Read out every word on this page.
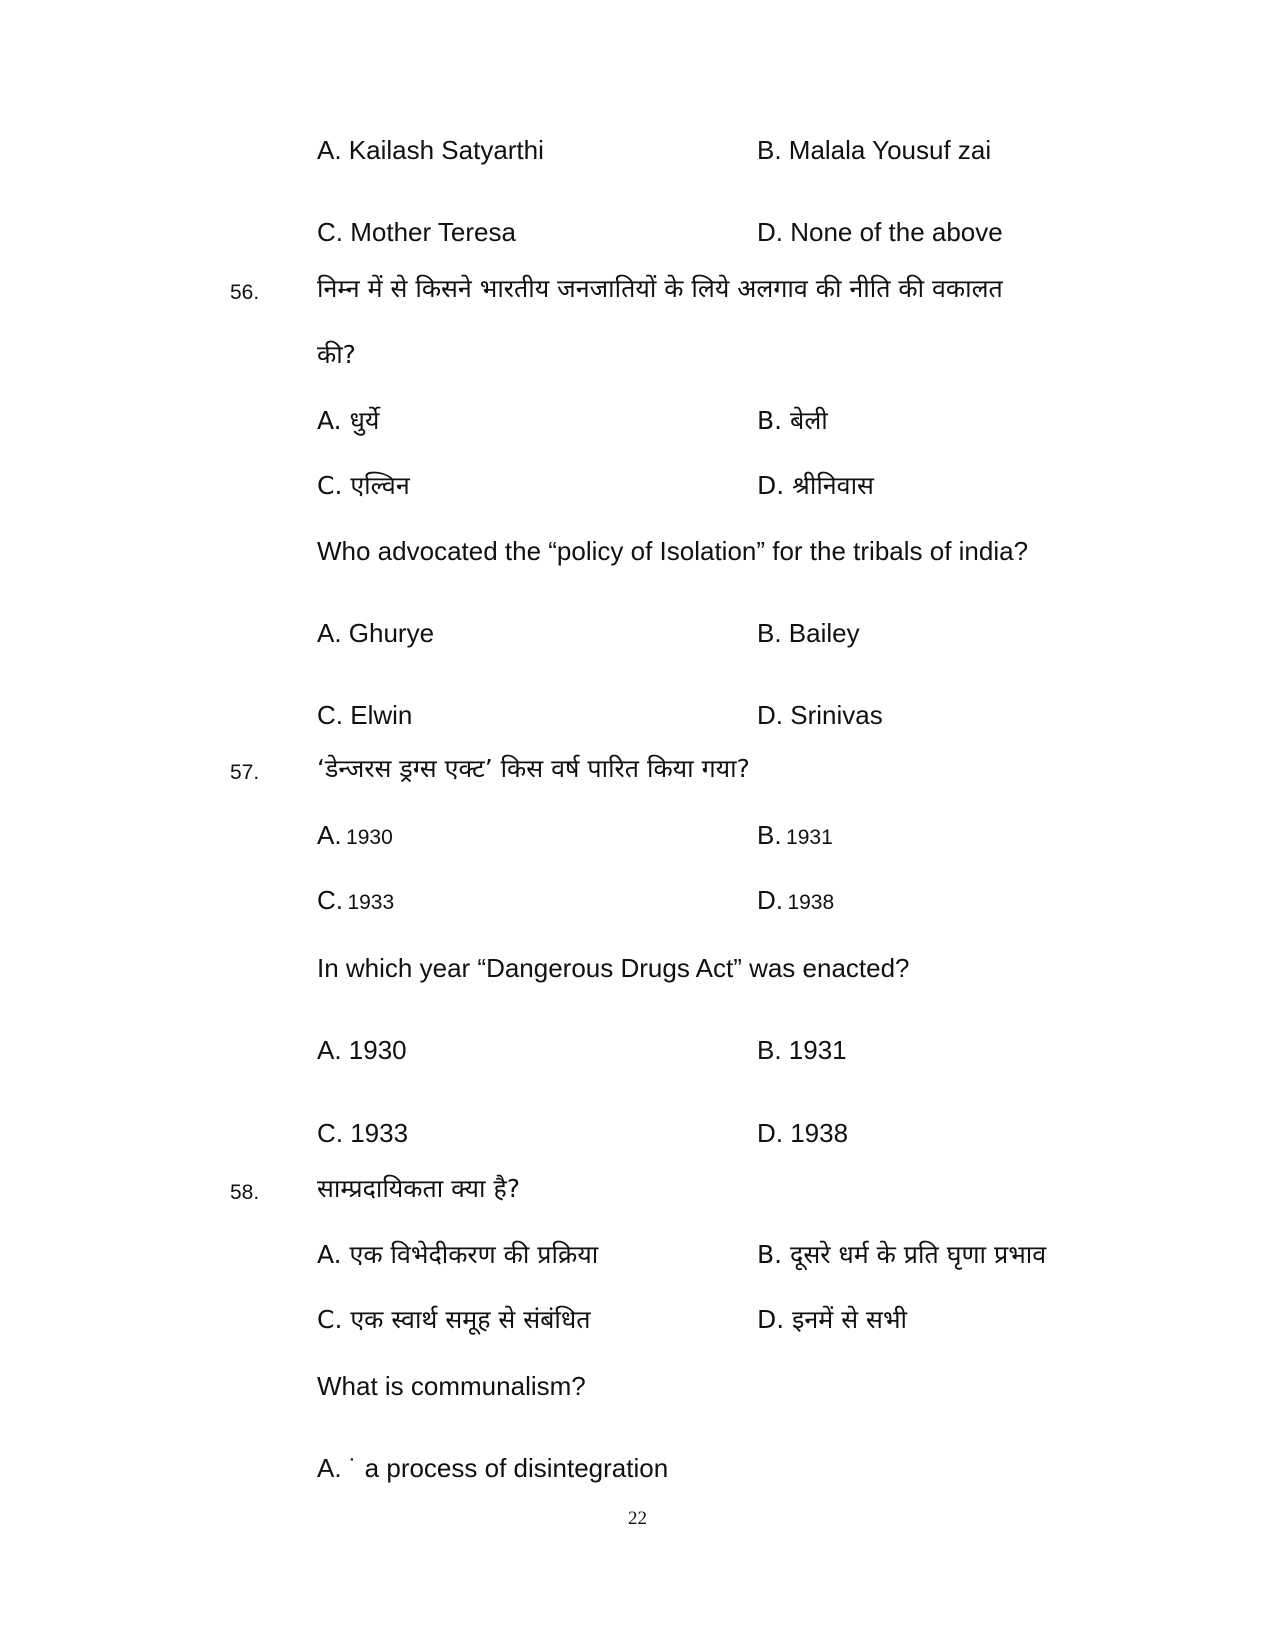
A. Kailash Satyarthi	B. Malala Yousuf zai
C. Mother Teresa	D. None of the above
56. निम्न में से किसने भारतीय जनजातियों के लिये अलगाव की नीति की वकालत
की?
A. धुर्ये	B. बेली
C. एल्विन	D. श्रीनिवास
Who advocated the “policy of Isolation” for the tribals of india?
A. Ghurye	B. Bailey
C. Elwin	D. Srinivas
57. ‘डेन्जरस ड्रग्स एक्ट’ किस वर्ष पारित किया गया?
A. 1930	B. 1931
C. 1933	D. 1938
In which year “Dangerous Drugs Act” was enacted?
A. 1930	B. 1931
C. 1933	D. 1938
58. साम्प्रदायिकता क्या है?
A. एक विभेदीकरण की प्रक्रिया	B. दूसरे धर्म के प्रति घृणा प्रभाव
C. एक स्वार्थ समूह से संबंधित	D. इनमें से सभी
What is communalism?
A. ˙ a process of disintegration
22
